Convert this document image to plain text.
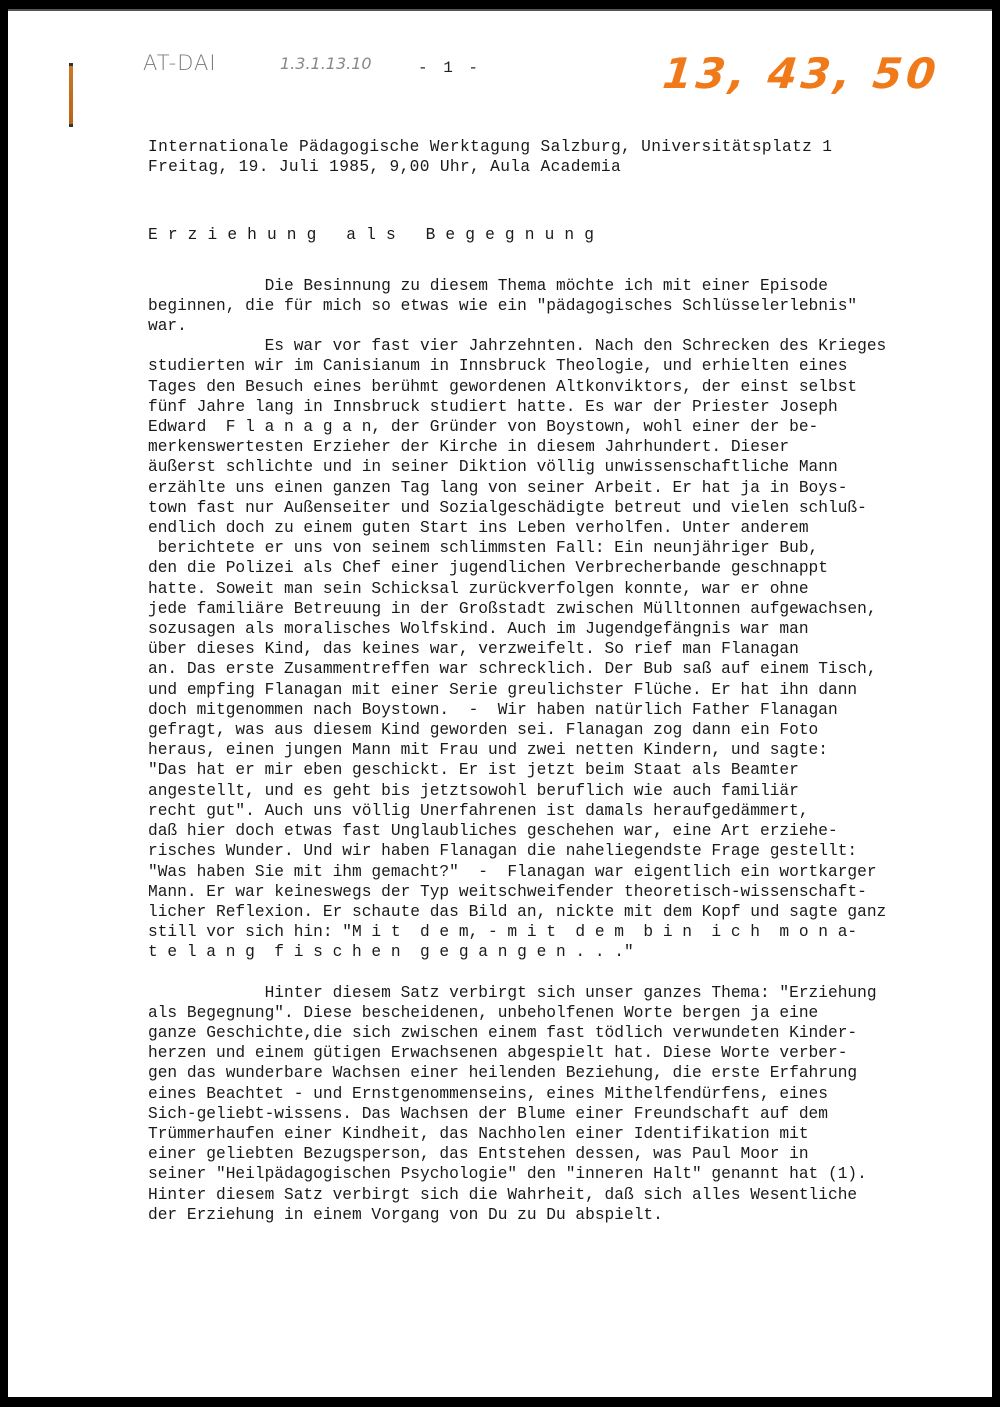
AT-DAI	1.3.1.13.10	- 1 -	13, 43, 50
Internationale Pädagogische Werktagung Salzburg, Universitätsplatz 1
Freitag, 19. Juli 1985, 9,00 Uhr, Aula Academia
E r z i e h u n g   a l s   B e g e g n u n g
Die Besinnung zu diesem Thema möchte ich mit einer Episode
beginnen, die für mich so etwas wie ein "pädagogisches Schlüsselerlebnis"
war.
Es war vor fast vier Jahrzehnten. Nach den Schrecken des Krieges
studierten wir im Canisianum in Innsbruck Theologie, und erhielten eines
Tages den Besuch eines berühmt gewordenen Altkonviktors, der einst selbst
fünf Jahre lang in Innsbruck studiert hatte. Es war der Priester Joseph
Edward  F l a n a g a n, der Gründer von Boystown, wohl einer der be-
merkenswertesten Erzieher der Kirche in diesem Jahrhundert. Dieser
äußerst schlichte und in seiner Diktion völlig unwissenschaftliche Mann
erzählte uns einen ganzen Tag lang von seiner Arbeit. Er hat ja in Boys-
town fast nur Außenseiter und Sozialgeschädigte betreut und vielen schluß-
endlich doch zu einem guten Start ins Leben verholfen. Unter anderem
berichtete er uns von seinem schlimmsten Fall: Ein neunjähriger Bub,
den die Polizei als Chef einer jugendlichen Verbrecherbande geschnappt
hatte. Soweit man sein Schicksal zurückverfolgen konnte, war er ohne
jede familiäre Betreuung in der Großstadt zwischen Mülltonnen aufgewachsen,
sozusagen als moralisches Wolfskind. Auch im Jugendgefängnis war man
über dieses Kind, das keines war, verzweifelt. So rief man Flanagan
an. Das erste Zusammentreffen war schrecklich. Der Bub saß auf einem Tisch,
und empfing Flanagan mit einer Serie greulichster Flüche. Er hat ihn dann
doch mitgenommen nach Boystown.  -  Wir haben natürlich Father Flanagan
gefragt, was aus diesem Kind geworden sei. Flanagan zog dann ein Foto
heraus, einen jungen Mann mit Frau und zwei netten Kindern, und sagte:
"Das hat er mir eben geschickt. Er ist jetzt beim Staat als Beamter
angestellt, und es geht bis jetztsowohl beruflich wie auch familiär
recht gut". Auch uns völlig Unerfahrenen ist damals heraufgedämmert,
daß hier doch etwas fast Unglaubliches geschehen war, eine Art erziehe-
risches Wunder. Und wir haben Flanagan die naheliegendste Frage gestellt:
"Was haben Sie mit ihm gemacht?"  -  Flanagan war eigentlich ein wortkarger
Mann. Er war keineswegs der Typ weitschweifender theoretisch-wissenschaft-
licher Reflexion. Er schaute das Bild an, nickte mit dem Kopf und sagte ganz
still vor sich hin: "M i t  d e m, - m i t  d e m  b i n  i c h  m o n a-
t e l a n g  f i s c h e n  g e g a n g e n . . ."
Hinter diesem Satz verbirgt sich unser ganzes Thema: "Erziehung
als Begegnung". Diese bescheidenen, unbeholfenen Worte bergen ja eine
ganze Geschichte,die sich zwischen einem fast tödlich verwundeten Kinder-
herzen und einem gütigen Erwachsenen abgespielt hat. Diese Worte verber-
gen das wunderbare Wachsen einer heilenden Beziehung, die erste Erfahrung
eines Beachtet - und Ernstgenommenseins, eines Mithelfendürfens, eines
Sich-geliebt-wissens. Das Wachsen der Blume einer Freundschaft auf dem
Trümmerhaufen einer Kindheit, das Nachholen einer Identifikation mit
einer geliebten Bezugsperson, das Entstehen dessen, was Paul Moor in
seiner "Heilpädagogischen Psychologie" den "inneren Halt" genannt hat (1).
Hinter diesem Satz verbirgt sich die Wahrheit, daß sich alles Wesentliche
der Erziehung in einem Vorgang von Du zu Du abspielt.
